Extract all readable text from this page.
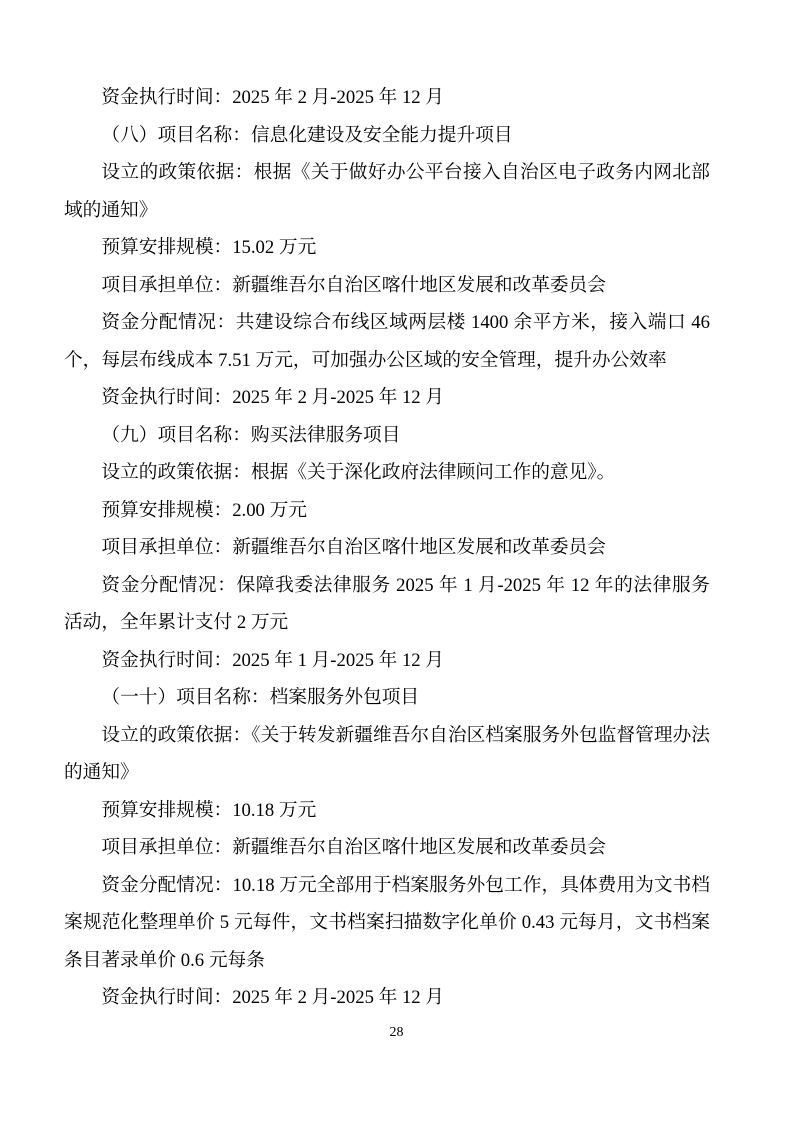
资金执行时间：2025 年 2 月-2025 年 12 月

（八）项目名称：信息化建设及安全能力提升项目

设立的政策依据：根据《关于做好办公平台接入自治区电子政务内网北部域的通知》

预算安排规模：15.02 万元

项目承担单位：新疆维吾尔自治区喀什地区发展和改革委员会

资金分配情况：共建设综合布线区域两层楼 1400 余平方米，接入端口 46 个，每层布线成本 7.51 万元，可加强办公区域的安全管理，提升办公效率

资金执行时间：2025 年 2 月-2025 年 12 月

（九）项目名称：购买法律服务项目

设立的政策依据：根据《关于深化政府法律顾问工作的意见》。

预算安排规模：2.00 万元

项目承担单位：新疆维吾尔自治区喀什地区发展和改革委员会

资金分配情况：保障我委法律服务 2025 年 1 月-2025 年 12 年的法律服务活动，全年累计支付 2 万元

资金执行时间：2025 年 1 月-2025 年 12 月

（一十）项目名称：档案服务外包项目

设立的政策依据：《关于转发新疆维吾尔自治区档案服务外包监督管理办法的通知》

预算安排规模：10.18 万元

项目承担单位：新疆维吾尔自治区喀什地区发展和改革委员会

资金分配情况：10.18 万元全部用于档案服务外包工作，具体费用为文书档案规范化整理单价 5 元每件，文书档案扫描数字化单价 0.43 元每月，文书档案条目著录单价 0.6 元每条

资金执行时间：2025 年 2 月-2025 年 12 月

28
